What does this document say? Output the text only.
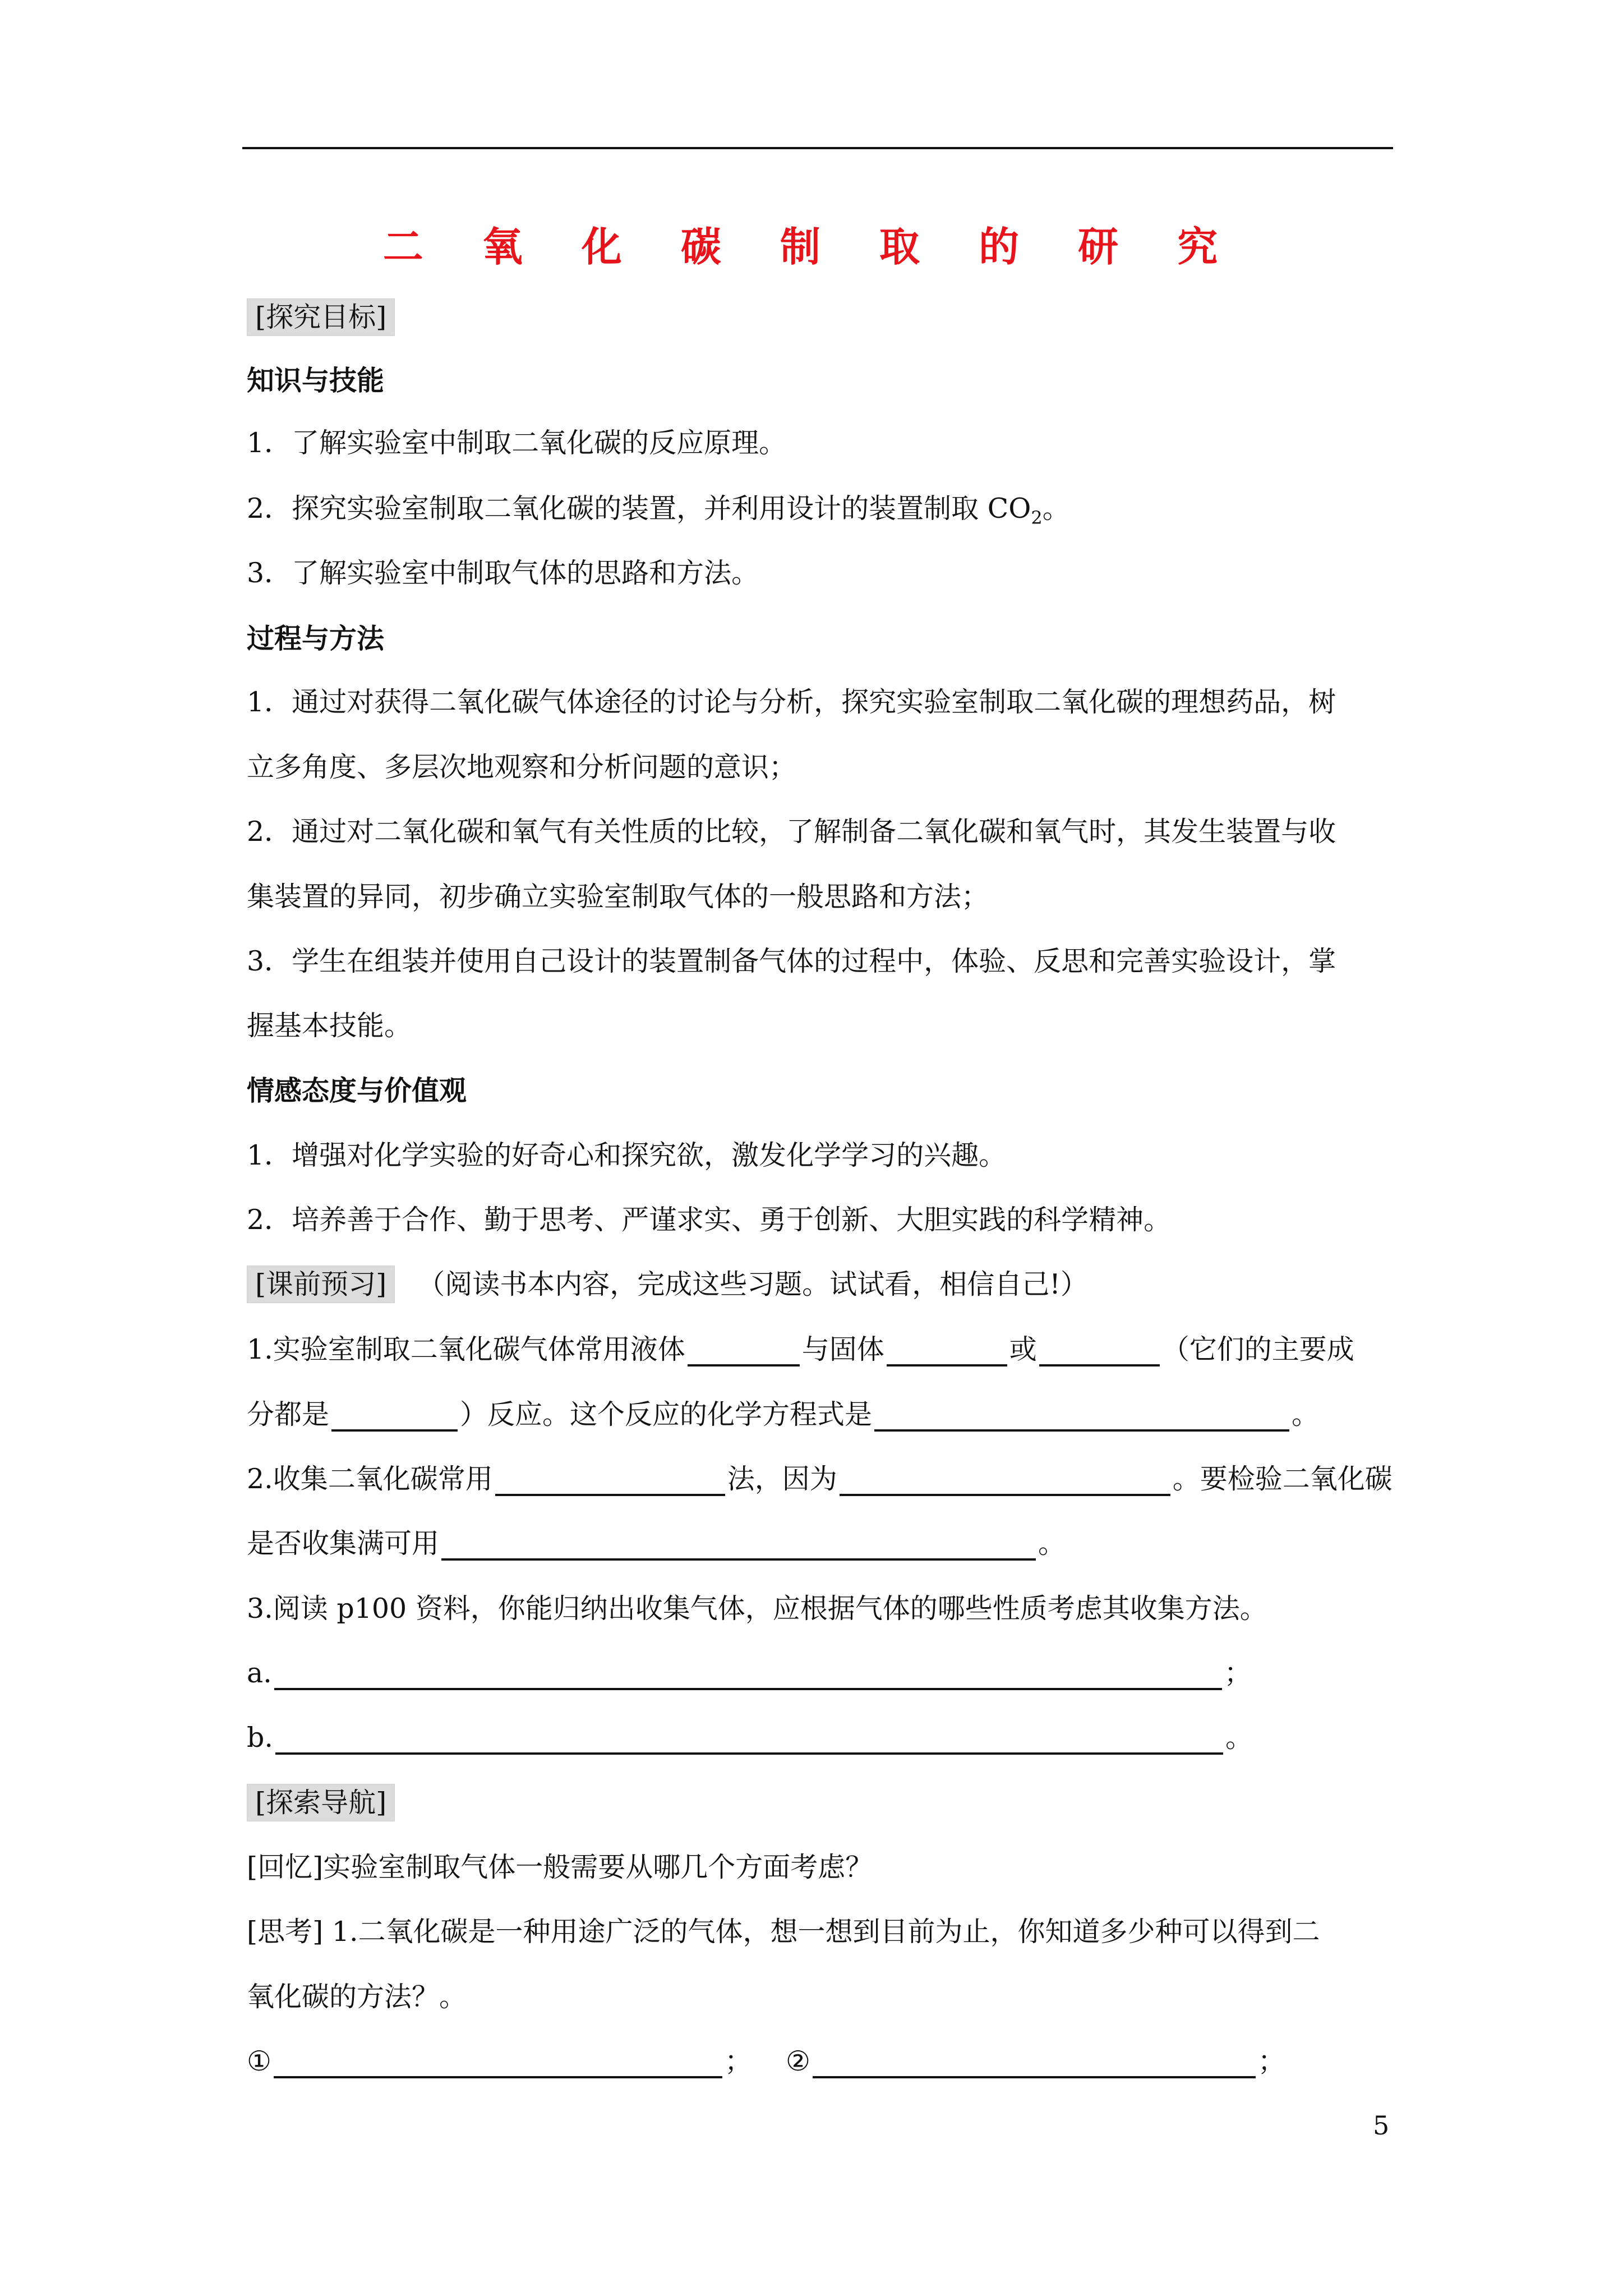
二 氧 化 碳 制 取 的 研 究
[探究目标]
知识与技能
1．了解实验室中制取二氧化碳的反应原理。
2．探究实验室制取二氧化碳的装置，并利用设计的装置制取 $CO_2$。
3．了解实验室中制取气体的思路和方法。
过程与方法
1．通过对获得二氧化碳气体途径的讨论与分析，探究实验室制取二氧化碳的理想药品，树
立多角度、多层次地观察和分析问题的意识；
2．通过对二氧化碳和氧气有关性质的比较，了解制备二氧化碳和氧气时，其发生装置与收
集装置的异同，初步确立实验室制取气体的一般思路和方法；
3．学生在组装并使用自己设计的装置制备气体的过程中，体验、反思和完善实验设计，掌
握基本技能。
情感态度与价值观
1．增强对化学实验的好奇心和探究欲，激发化学学习的兴趣。
2．培养善于合作、勤于思考、严谨求实、勇于创新、大胆实践的科学精神。
[课前预习] （阅读书本内容，完成这些习题。试试看，相信自己!）
1.实验室制取二氧化碳气体常用液体	与固体	或	（它们的主要成
分都是	）反应。这个反应的化学方程式是	。
2.收集二氧化碳常用	法，因为	。要检验二氧化碳
是否收集满可用	。
3.阅读 p100 资料，你能归纳出收集气体，应根据气体的哪些性质考虑其收集方法。
a.	；
b.	。
[探索导航]
[回忆]实验室制取气体一般需要从哪几个方面考虑？
[思考] 1.二氧化碳是一种用途广泛的气体，想一想到目前为止，你知道多少种可以得到二
氧化碳的方法？。
①	； ②	；
5
